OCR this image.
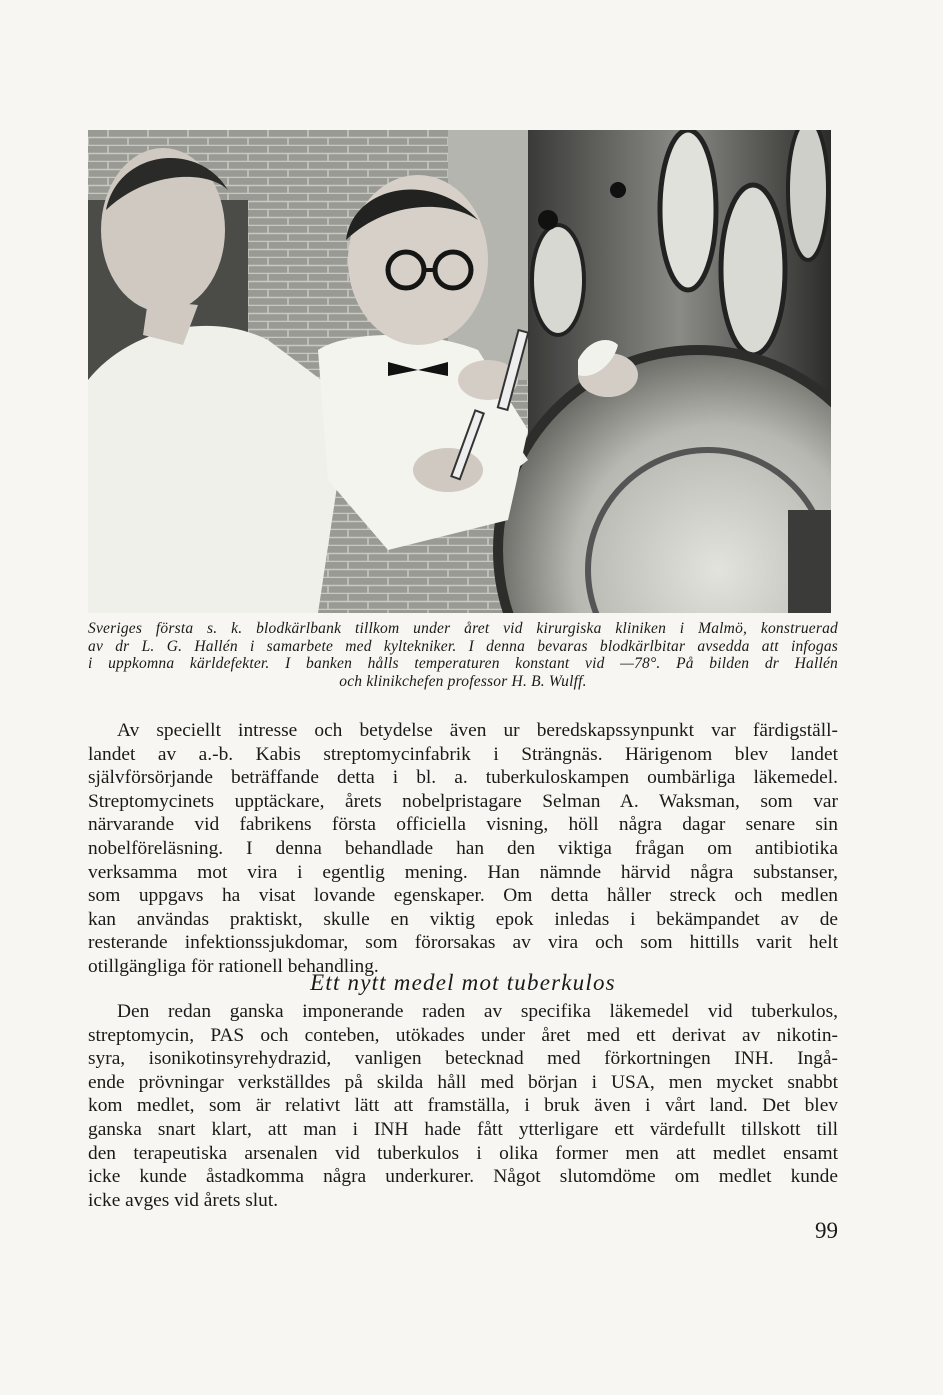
Sveriges första s. k. blodkärlbank tillkom under året vid kirurgiska kliniken i Malmö, konstruerad
av dr L. G. Hallén i samarbete med kyltekniker. I denna bevaras blodkärlbitar avsedda att infogas
i uppkomna kärldefekter. I banken hålls temperaturen konstant vid —78°. På bilden dr Hallén
och klinikchefen professor H. B. Wulff.
Av speciellt intresse och betydelse även ur beredskapssynpunkt var färdigställ-
landet av a.-b. Kabis streptomycinfabrik i Strängnäs. Härigenom blev landet
självförsörjande beträffande detta i bl. a. tuberkuloskampen oumbärliga läkemedel.
Streptomycinets upptäckare, årets nobelpristagare Selman A. Waksman, som var
närvarande vid fabrikens första officiella visning, höll några dagar senare sin
nobelföreläsning. I denna behandlade han den viktiga frågan om antibiotika
verksamma mot vira i egentlig mening. Han nämnde härvid några substanser,
som uppgavs ha visat lovande egenskaper. Om detta håller streck och medlen
kan användas praktiskt, skulle en viktig epok inledas i bekämpandet av de
resterande infektionssjukdomar, som förorsakas av vira och som hittills varit helt
otillgängliga för rationell behandling.
Ett nytt medel mot tuberkulos
Den redan ganska imponerande raden av specifika läkemedel vid tuberkulos,
streptomycin, PAS och conteben, utökades under året med ett derivat av nikotin-
syra, isonikotinsyrehydrazid, vanligen betecknad med förkortningen INH. Ingå-
ende prövningar verkställdes på skilda håll med början i USA, men mycket snabbt
kom medlet, som är relativt lätt att framställa, i bruk även i vårt land. Det blev
ganska snart klart, att man i INH hade fått ytterligare ett värdefullt tillskott till
den terapeutiska arsenalen vid tuberkulos i olika former men att medlet ensamt
icke kunde åstadkomma några underkurer. Något slutomdöme om medlet kunde
icke avges vid årets slut.
99
